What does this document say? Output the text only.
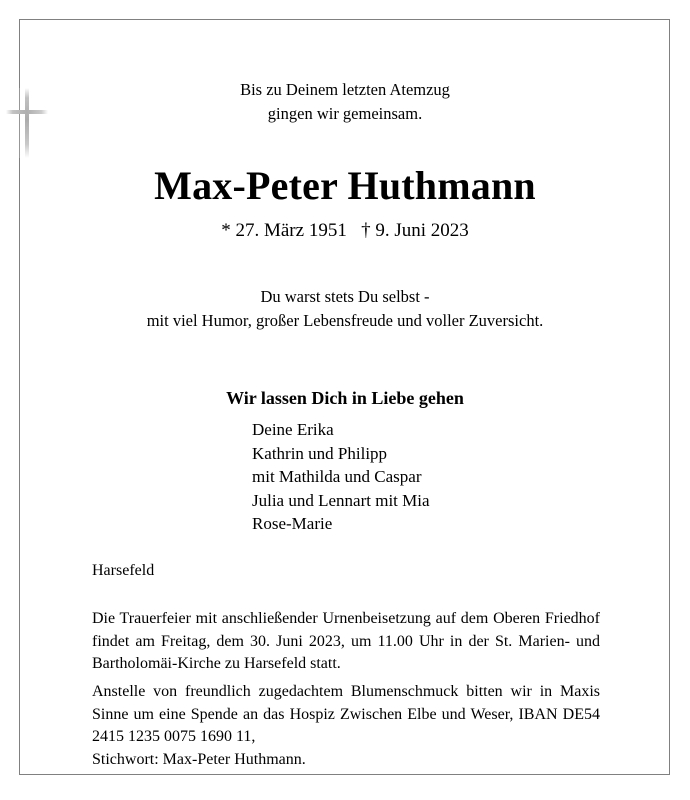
Bis zu Deinem letzten Atemzug
gingen wir gemeinsam.
Max-Peter Huthmann
* 27. März 1951   † 9. Juni 2023
Du warst stets Du selbst -
mit viel Humor, großer Lebensfreude und voller Zuversicht.
Wir lassen Dich in Liebe gehen
Deine Erika
Kathrin und Philipp
mit Mathilda und Caspar
Julia und Lennart mit Mia
Rose-Marie
Harsefeld
Die Trauerfeier mit anschließender Urnenbeisetzung auf dem Oberen Friedhof findet am Freitag, dem 30. Juni 2023, um 11.00 Uhr in der St. Marien- und Bartholomäi-Kirche zu Harsefeld statt.
Anstelle von freundlich zugedachtem Blumenschmuck bitten wir in Maxis Sinne um eine Spende an das Hospiz Zwischen Elbe und Weser, IBAN DE54 2415 1235 0075 1690 11,
Stichwort: Max-Peter Huthmann.
